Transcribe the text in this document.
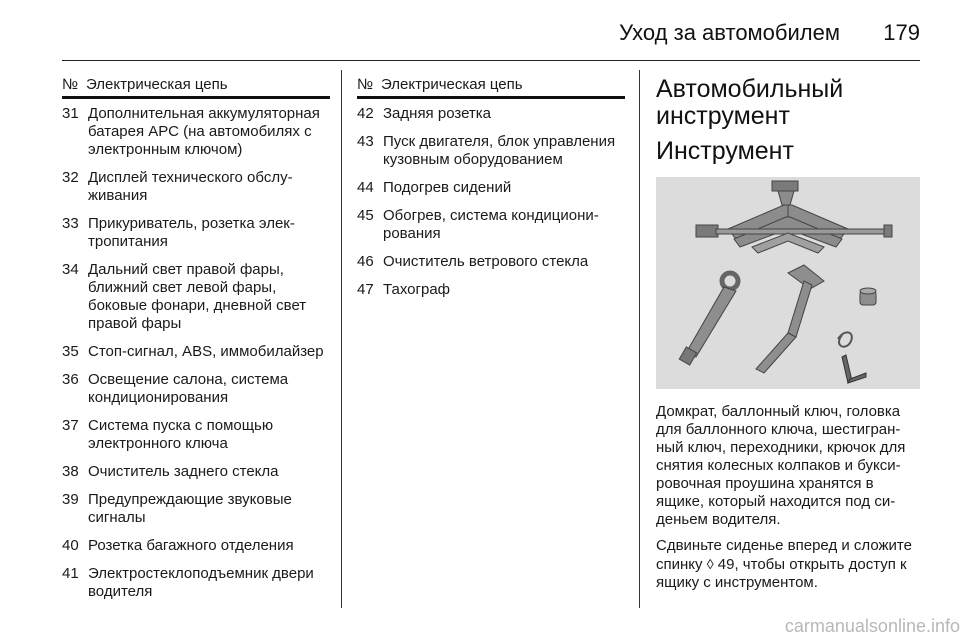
Уход за автомобилем	179
№ Электрическая цепь
31 Дополнительная аккумуляторная батарея АРС (на автомобилях с электронным ключом)
32 Дисплей технического обслуживания
33 Прикуриватель, розетка электропитания
34 Дальний свет правой фары, ближний свет левой фары, боковые фонари, дневной свет правой фары
35 Стоп-сигнал, ABS, иммобилайзер
36 Освещение салона, система кондиционирования
37 Система пуска с помощью электронного ключа
38 Очиститель заднего стекла
39 Предупреждающие звуковые сигналы
40 Розетка багажного отделения
41 Электростеклоподъемник двери водителя
№ Электрическая цепь
42 Задняя розетка
43 Пуск двигателя, блок управления кузовным оборудованием
44 Подогрев сидений
45 Обогрев, система кондиционирования
46 Очиститель ветрового стекла
47 Тахограф
Автомобильный инструмент
Инструмент

Домкрат, баллонный ключ, головка для баллонного ключа, шестигранный ключ, переходники, крючок для снятия колесных колпаков и буксировочная проушина хранятся в ящике, который находится под сиденьем водителя.

Сдвиньте сиденье вперед и сложите спинку ◊ 49, чтобы открыть доступ к ящику с инструментом.

carmanualsonline.info
